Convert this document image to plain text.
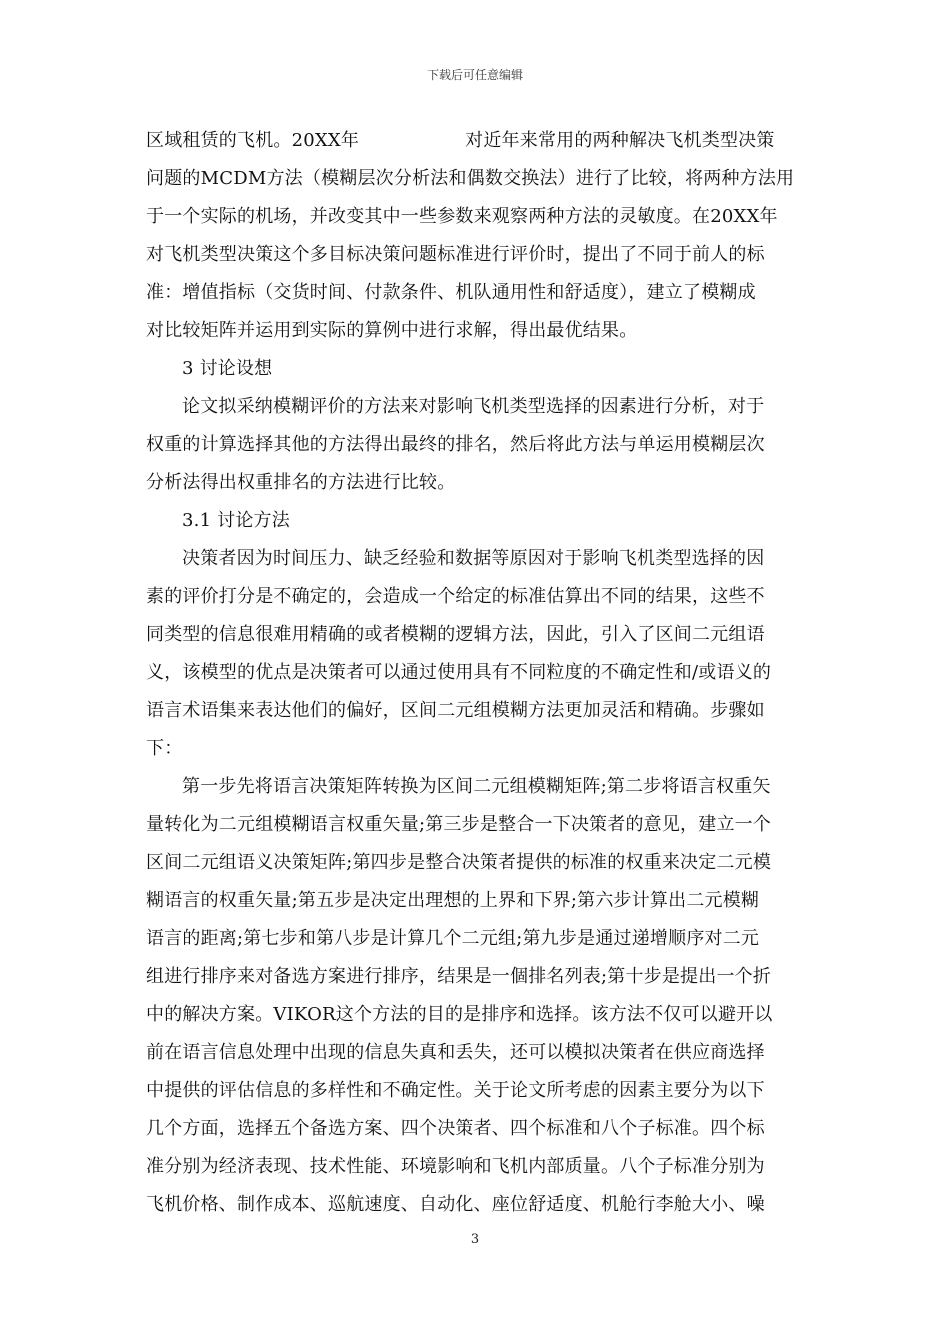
下载后可任意编辑
区域租赁的飞机。20XX年	对近年来常用的两种解决飞机类型决策
问题的MCDM方法（模糊层次分析法和偶数交换法）进行了比较，将两种方法用
于一个实际的机场，并改变其中一些参数来观察两种方法的灵敏度。在20XX年
对飞机类型决策这个多目标决策问题标准进行评价时，提出了不同于前人的标
准：增值指标（交货时间、付款条件、机队通用性和舒适度），建立了模糊成
对比较矩阵并运用到实际的算例中进行求解，得出最优结果。
3 讨论设想
论文拟采纳模糊评价的方法来对影响飞机类型选择的因素进行分析，对于
权重的计算选择其他的方法得出最终的排名，然后将此方法与单运用模糊层次
分析法得出权重排名的方法进行比较。
3.1 讨论方法
决策者因为时间压力、缺乏经验和数据等原因对于影响飞机类型选择的因
素的评价打分是不确定的，会造成一个给定的标准估算出不同的结果，这些不
同类型的信息很难用精确的或者模糊的逻辑方法，因此，引入了区间二元组语
义，该模型的优点是决策者可以通过使用具有不同粒度的不确定性和/或语义的
语言术语集来表达他们的偏好，区间二元组模糊方法更加灵活和精确。步骤如
下：
第一步先将语言决策矩阵转换为区间二元组模糊矩阵;第二步将语言权重矢
量转化为二元组模糊语言权重矢量;第三步是整合一下决策者的意见，建立一个
区间二元组语义决策矩阵;第四步是整合决策者提供的标准的权重来决定二元模
糊语言的权重矢量;第五步是决定出理想的上界和下界;第六步计算出二元模糊
语言的距离;第七步和第八步是计算几个二元组;第九步是通过递增顺序对二元
组进行排序来对备选方案进行排序，结果是一個排名列表;第十步是提出一个折
中的解决方案。VIKOR这个方法的目的是排序和选择。该方法不仅可以避开以
前在语言信息处理中出现的信息失真和丢失，还可以模拟决策者在供应商选择
中提供的评估信息的多样性和不确定性。关于论文所考虑的因素主要分为以下
几个方面，选择五个备选方案、四个决策者、四个标准和八个子标准。四个标
准分别为经济表现、技术性能、环境影响和飞机内部质量。八个子标准分别为
飞机价格、制作成本、巡航速度、自动化、座位舒适度、机舱行李舱大小、噪
3
